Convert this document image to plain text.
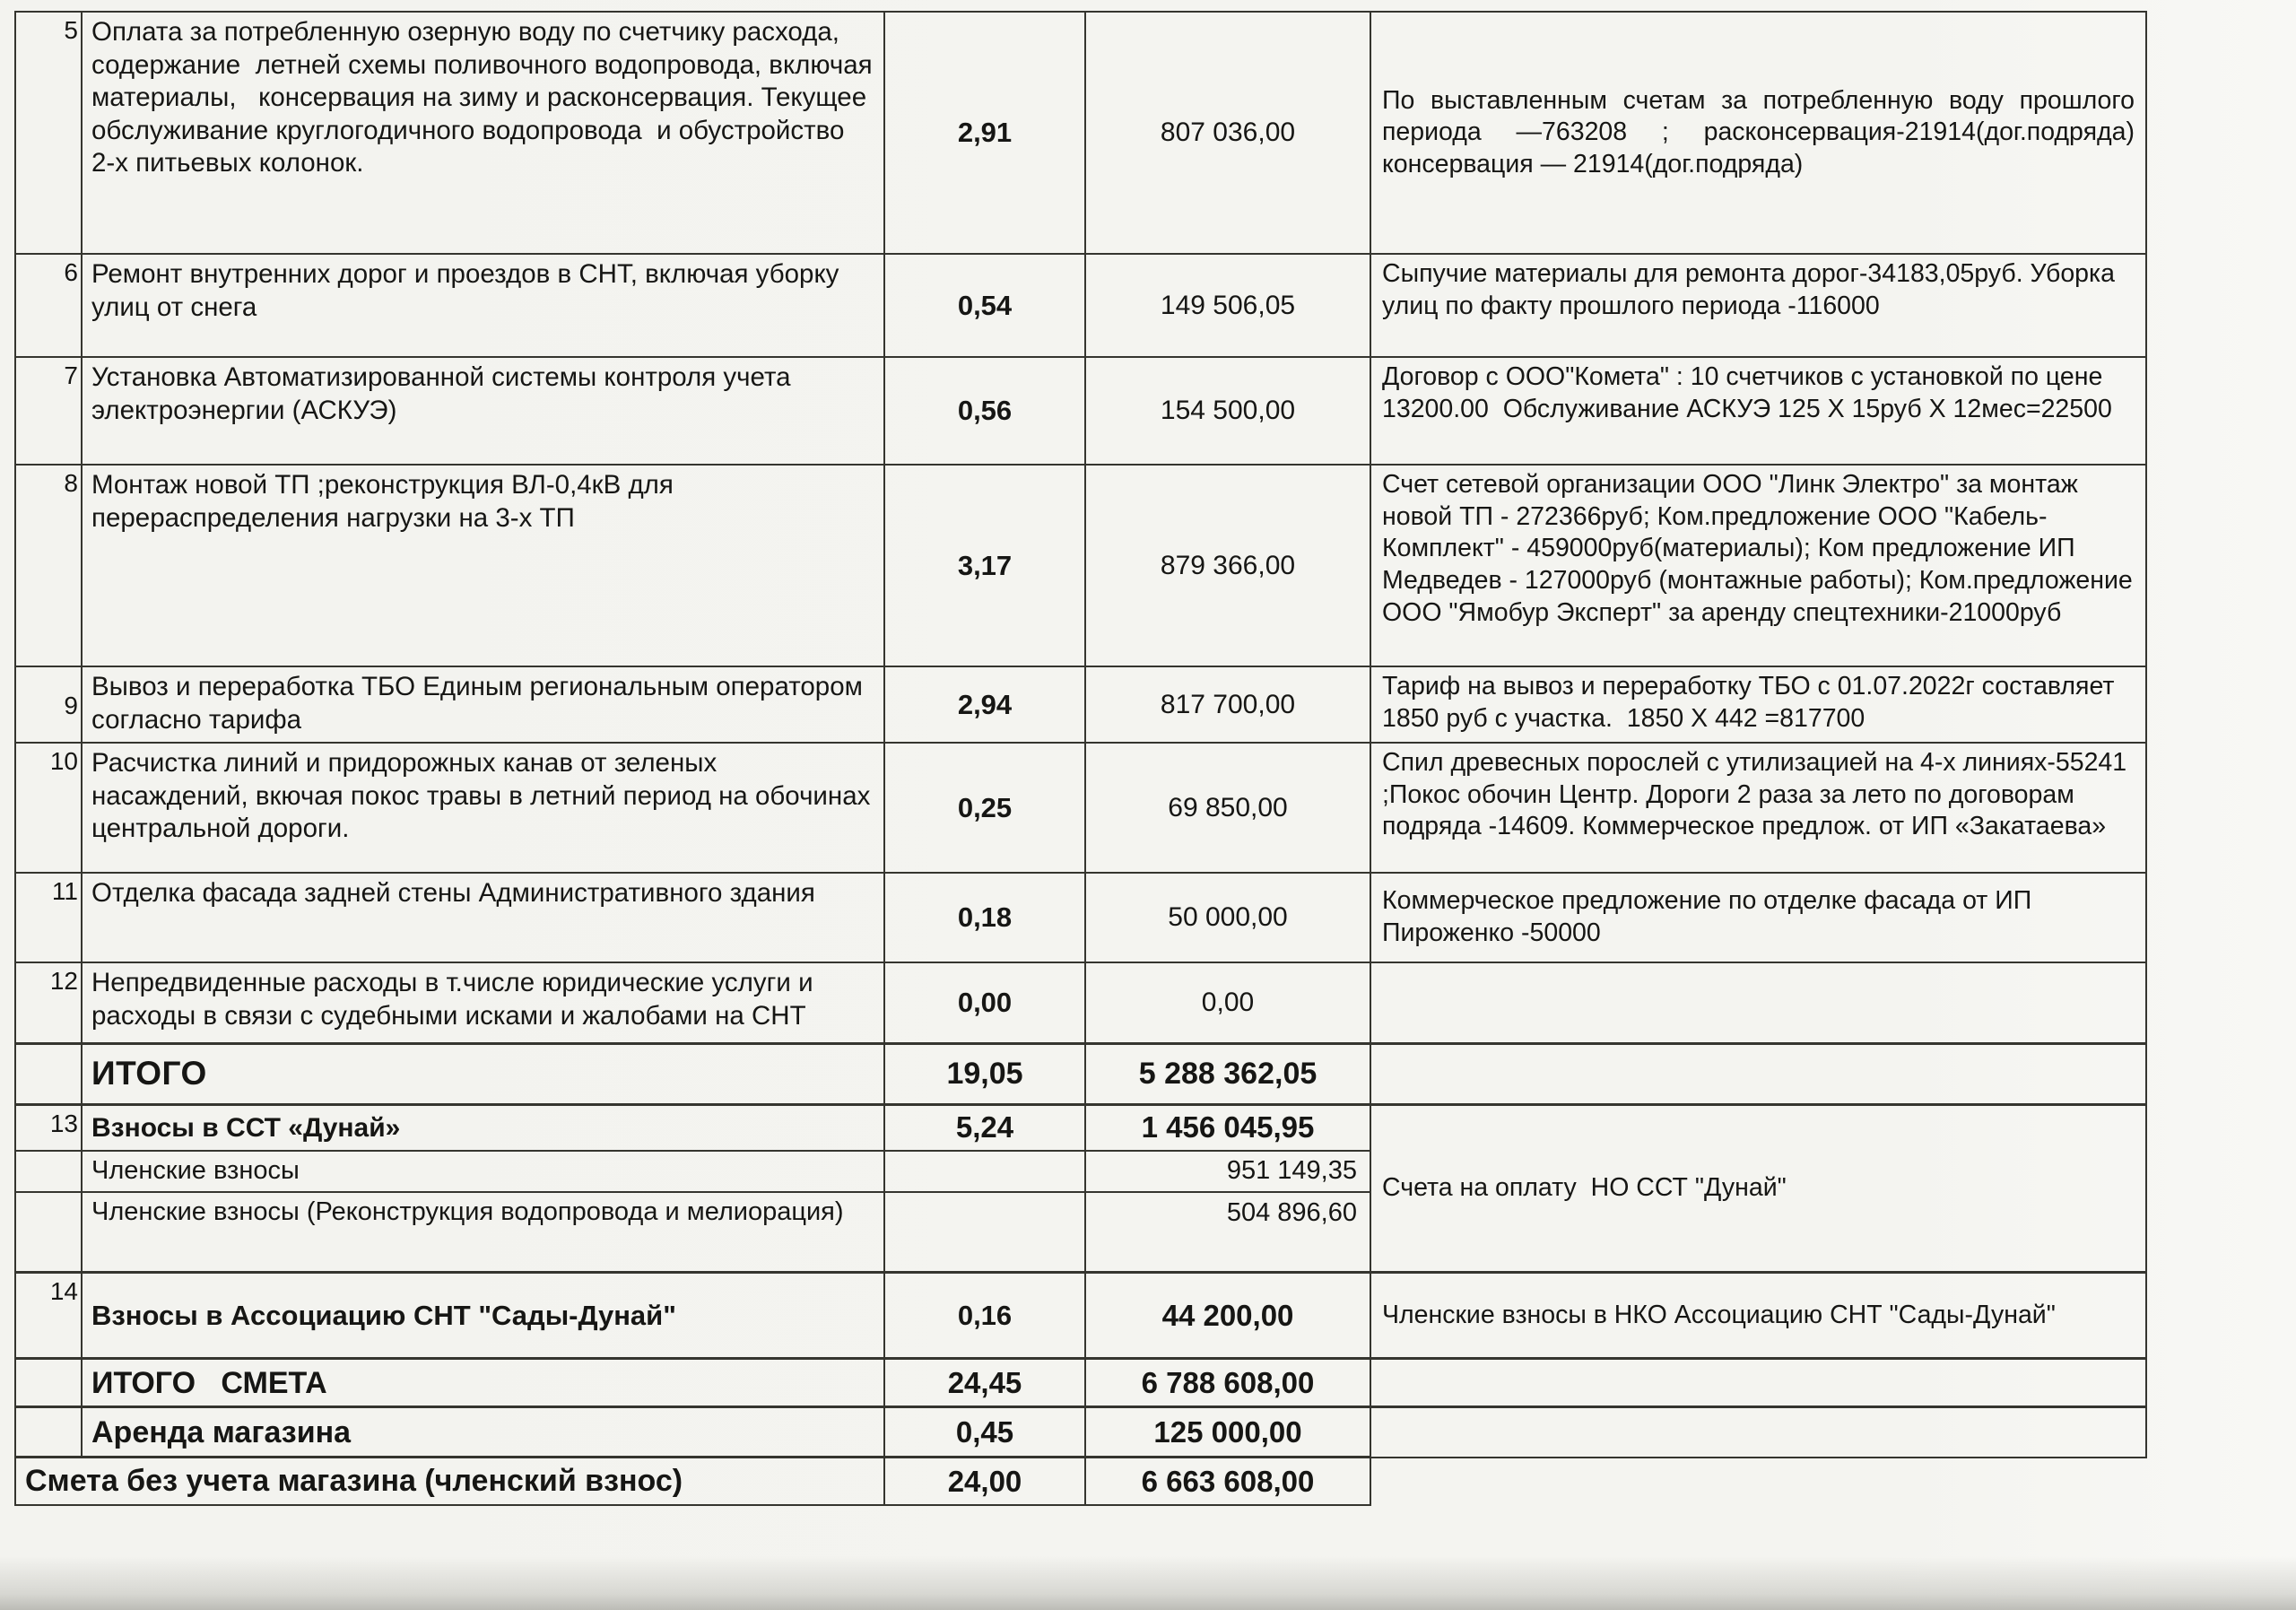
5	Оплата за потребленную озерную воду по счетчику расхода, содержание  летней схемы поливочного водопровода, включая материалы,   консервация на зиму и расконсервация. Текущее обслуживание круглогодичного водопровода  и обустройство   2-х питьевых колонок.	2,91	807 036,00	По выставленным счетам за потребленную воду прошлого периода —763208 ; расконсервация-21914(дог.подряда) консервация — 21914(дог.подряда)
6	Ремонт внутренних дорог и проездов в СНТ, включая уборку улиц от снега	0,54	149 506,05	Сыпучие материалы для ремонта дорог-34183,05руб. Уборка улиц по факту прошлого периода -116000
7	Установка Автоматизированной системы контроля учета электроэнергии (АСКУЭ)	0,56	154 500,00	Договор с ООО"Комета" : 10 счетчиков с установкой по цене 13200.00  Обслуживание АСКУЭ 125 Х 15руб Х 12мес=22500
8	Монтаж новой ТП ;реконструкция ВЛ-0,4кВ для перераспределения нагрузки на 3-х ТП	3,17	879 366,00	Счет сетевой организации ООО "Линк Электро" за монтаж новой ТП - 272366руб; Ком.предложение ООО "Кабель-Комплект" - 459000руб(материалы); Ком предложение ИП Медведев - 127000руб (монтажные работы); Ком.предложение ООО "Ямобур Эксперт" за аренду спецтехники-21000руб
9	Вывоз и переработка ТБО Единым региональным оператором согласно тарифа	2,94	817 700,00	Тариф на вывоз и переработку ТБО с 01.07.2022г составляет 1850 руб с участка.  1850 Х 442 =817700
10	Расчистка линий и придорожных канав от зеленых насаждений, вкючая покос травы в летний период на обочинах центральной дороги.	0,25	69 850,00	Спил древесных порослей с утилизацией на 4-х линиях-55241 ;Покос обочин Центр. Дороги 2 раза за лето по договорам подряда -14609. Коммерческое предлож. от ИП «Закатаева»
11	Отделка фасада задней стены Административного здания	0,18	50 000,00	Коммерческое предложение по отделке фасада от ИП Пироженко -50000
12	Непредвиденные расходы в т.числе юридические услуги и расходы в связи с судебными исками и жалобами на СНТ	0,00	0,00	
	ИТОГО	19,05	5 288 362,05	
13	Взносы в ССТ «Дунай»	5,24	1 456 045,95	Счета на оплату  НО ССТ "Дунай"
	Членские взносы		951 149,35	
	Членские взносы (Реконструкция водопровода и мелиорация)		504 896,60	
14	Взносы в Ассоциацию СНТ "Сады-Дунай"	0,16	44 200,00	Членские взносы в НКО Ассоциацию СНТ "Сады-Дунай"
	ИТОГО   СМЕТА	24,45	6 788 608,00	
	Аренда магазина	0,45	125 000,00	
Смета без учета магазина (членский взнос)		24,00	6 663 608,00	
